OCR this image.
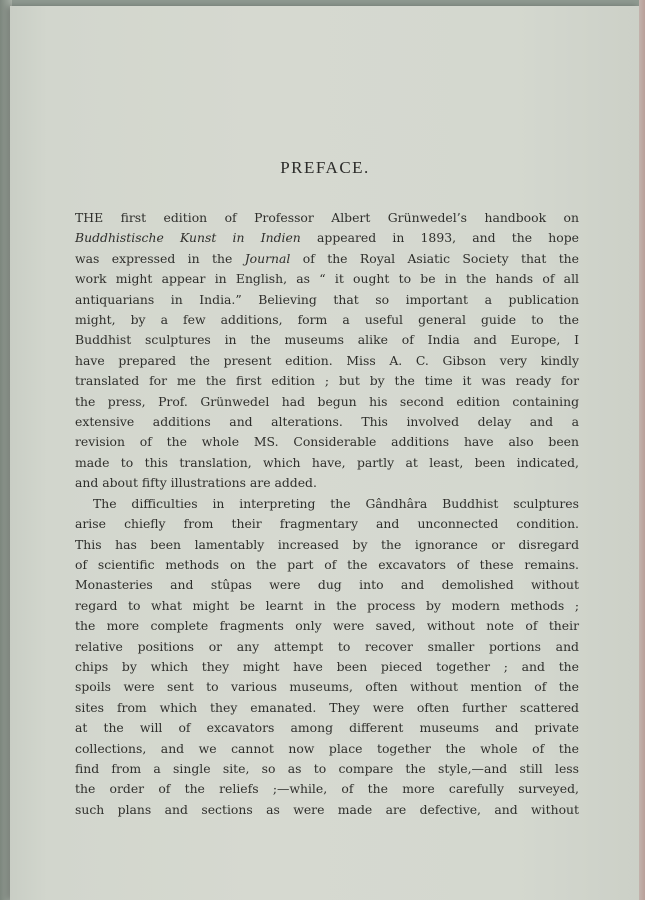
PREFACE.

THE first edition of Professor Albert Grünwedel’s handbook on
Buddhistische Kunst in Indien appeared in 1893, and the hope
was expressed in the Journal of the Royal Asiatic Society that the
work might appear in English, as “ it ought to be in the hands of all
antiquarians in India.” Believing that so important a publication
might, by a few additions, form a useful general guide to the
Buddhist sculptures in the museums alike of India and Europe, I
have prepared the present edition. Miss A. C. Gibson very kindly
translated for me the first edition ; but by the time it was ready for
the press, Prof. Grünwedel had begun his second edition containing
extensive additions and alterations. This involved delay and a
revision of the whole MS. Considerable additions have also been
made to this translation, which have, partly at least, been indicated,
and about fifty illustrations are added.

The difficulties in interpreting the Gândhâra Buddhist sculptures
arise chiefly from their fragmentary and unconnected condition.
This has been lamentably increased by the ignorance or disregard
of scientific methods on the part of the excavators of these remains.
Monasteries and stûpas were dug into and demolished without
regard to what might be learnt in the process by modern methods ;
the more complete fragments only were saved, without note of their
relative positions or any attempt to recover smaller portions and
chips by which they might have been pieced together ; and the
spoils were sent to various museums, often without mention of the
sites from which they emanated. They were often further scattered
at the will of excavators among different museums and private
collections, and we cannot now place together the whole of the
find from a single site, so as to compare the style,—and still less
the order of the reliefs ;—while, of the more carefully surveyed,
such plans and sections as were made are defective, and without
